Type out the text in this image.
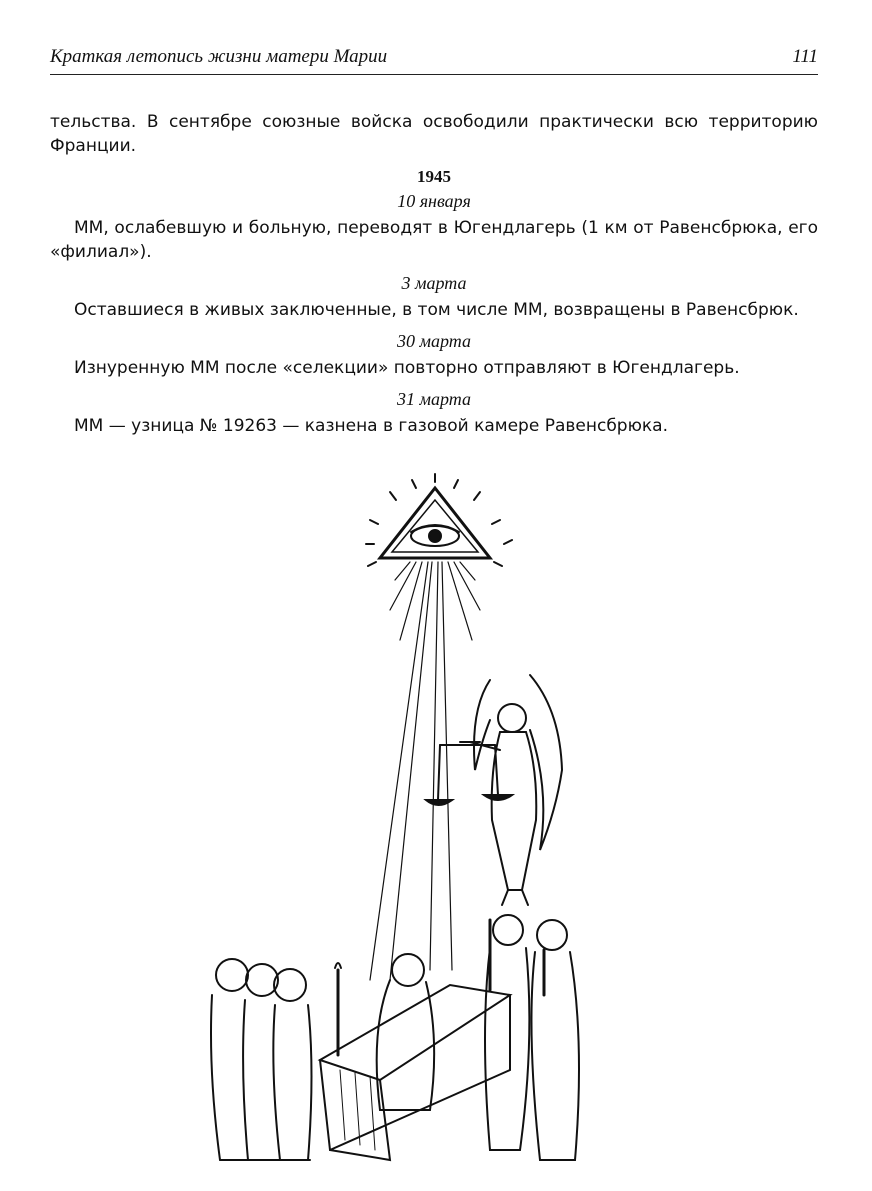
Краткая летопись жизни матери Марии	111

тельства. В сентябре союзные войска освободили практически всю территорию Франции.

1945
10 января

ММ, ослабевшую и больную, переводят в Югендлагерь (1 км от Равенсбрюка, его «филиал»).

3 марта

Оставшиеся в живых заключенные, в том числе ММ, возвращены в Равенсбрюк.

30 марта

Изнуренную ММ после «селекции» повторно отправляют в Югендлагерь.

31 марта

ММ — узница № 19263 — казнена в газовой камере Равенсбрюка.
